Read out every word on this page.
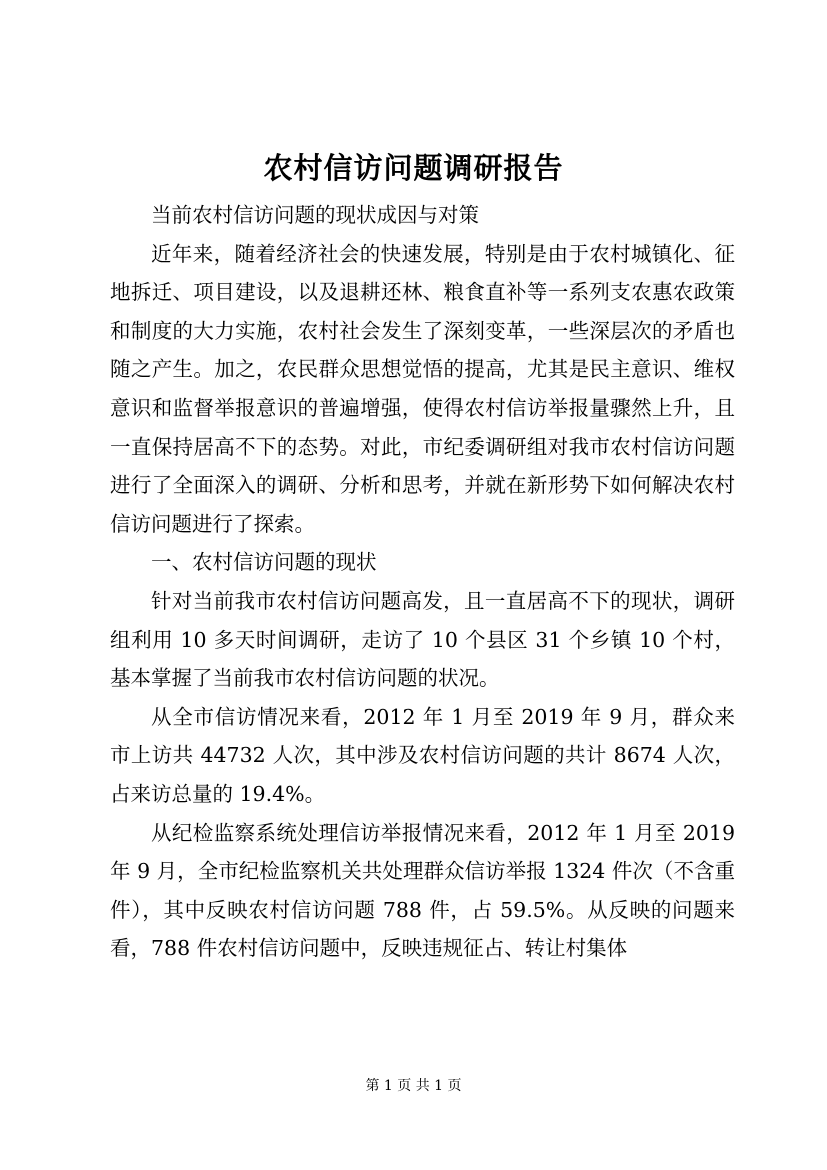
农村信访问题调研报告

当前农村信访问题的现状成因与对策

近年来，随着经济社会的快速发展，特别是由于农村城镇化、征地拆迁、项目建设，以及退耕还林、粮食直补等一系列支农惠农政策和制度的大力实施，农村社会发生了深刻变革，一些深层次的矛盾也随之产生。加之，农民群众思想觉悟的提高，尤其是民主意识、维权意识和监督举报意识的普遍增强，使得农村信访举报量骤然上升，且一直保持居高不下的态势。对此，市纪委调研组对我市农村信访问题进行了全面深入的调研、分析和思考，并就在新形势下如何解决农村信访问题进行了探索。

一、农村信访问题的现状

针对当前我市农村信访问题高发，且一直居高不下的现状，调研组利用 10 多天时间调研，走访了 10 个县区 31 个乡镇 10 个村，基本掌握了当前我市农村信访问题的状况。

从全市信访情况来看，2012 年 1 月至 2019 年 9 月，群众来市上访共 44732 人次，其中涉及农村信访问题的共计 8674 人次，占来访总量的 19.4%。

从纪检监察系统处理信访举报情况来看，2012 年 1 月至 2019 年 9 月，全市纪检监察机关共处理群众信访举报 1324 件次（不含重件），其中反映农村信访问题 788 件，占 59.5%。从反映的问题来看，788 件农村信访问题中，反映违规征占、转让村集体

第 1 页 共 1 页
